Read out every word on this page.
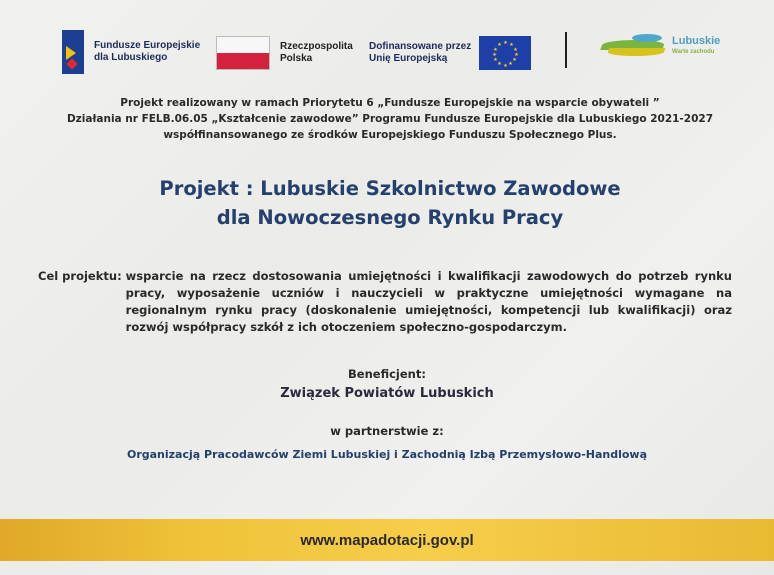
Fundusze Europejskie
dla Lubuskiego
Rzeczpospolita
Polska
Dofinansowane przez
Unię Europejską
★ ★
★
★
★
★
★
★
★
★
★
★	Lubuskie
Warte zachodu
Projekt realizowany w ramach Priorytetu 6 „Fundusze Europejskie na wsparcie obywateli ”
Działania nr FELB.06.05 „Kształcenie zawodowe” Programu Fundusze Europejskie dla Lubuskiego 2021-2027
współfinansowanego ze środków Europejskiego Funduszu Społecznego Plus.
Projekt : Lubuskie Szkolnictwo Zawodowe
dla Nowoczesnego Rynku Pracy
Cel projektu: wsparcie na rzecz dostosowania umiejętności i kwalifikacji zawodowych do potrzeb rynku pracy, wyposażenie uczniów i nauczycieli w praktyczne umiejętności wymagane na regionalnym rynku pracy (doskonalenie umiejętności, kompetencji lub kwalifikacji) oraz rozwój współpracy szkół z ich otoczeniem społeczno-gospodarczym.
Beneficjent:
Związek Powiatów Lubuskich
w partnerstwie z:
Organizacją Pracodawców Ziemi Lubuskiej i Zachodnią Izbą Przemysłowo-Handlową
www.mapadotacji.gov.pl
